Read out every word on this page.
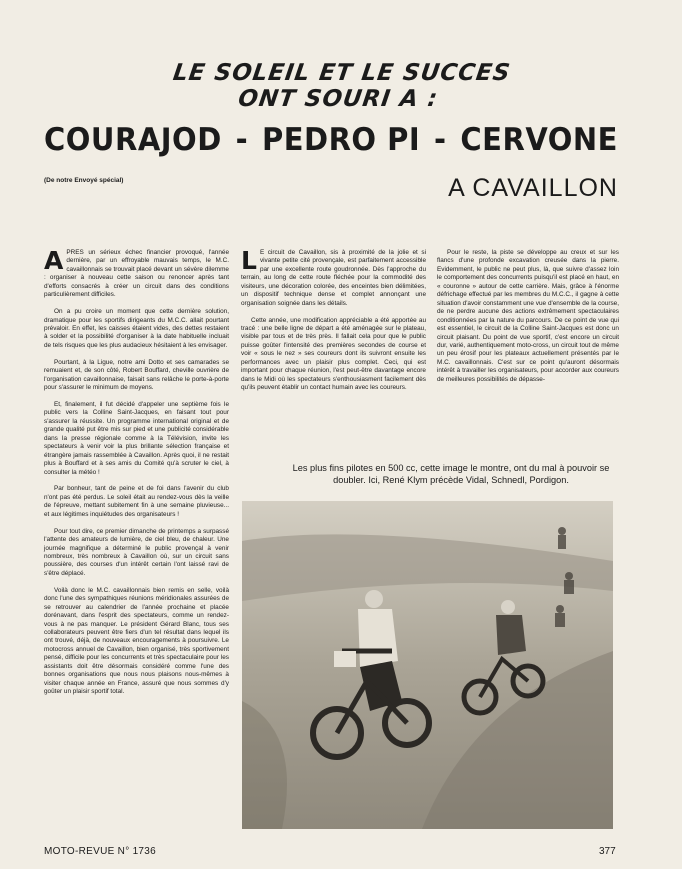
LE SOLEIL ET LE SUCCES
ONT SOURI A :
COURAJOD - PEDRO PI - CERVONE
(De notre Envoyé spécial)	A CAVAILLON

APRES un sérieux échec financier provoqué, l'année dernière, par un effroyable mauvais temps, le M.C. cavaillonnais se trouvait placé devant un sévère dilemme : organiser à nouveau cette saison ou renoncer après tant d'efforts consacrés à créer un circuit dans des conditions particulièrement difficiles.

On a pu croire un moment que cette dernière solution, dramatique pour les sportifs dirigeants du M.C.C. allait pourtant prévaloir. En effet, les caisses étaient vides, des dettes restaient à solder et la possibilité d'organiser à la date habituelle incluait de tels risques que les plus audacieux hésitaient à les envisager.

Pourtant, à la Ligue, notre ami Dotto et ses camarades se remuaient et, de son côté, Robert Bouffard, cheville ouvrière de l'organisation cavaillonnaise, faisait sans relâche le porte-à-porte pour s'assurer le minimum de moyens.

Et, finalement, il fut décidé d'appeler une septième fois le public vers la Colline Saint-Jacques, en faisant tout pour s'assurer la réussite. Un programme international original et de grande qualité put être mis sur pied et une publicité considérable dans la presse régionale comme à la Télévision, invite les spectateurs à venir voir la plus brillante sélection française et étrangère jamais rassemblée à Cavaillon. Après quoi, il ne restait plus à Bouffard et à ses amis du Comité qu'à scruter le ciel, à consulter la météo !

Par bonheur, tant de peine et de foi dans l'avenir du club n'ont pas été perdus. Le soleil était au rendez-vous dès la veille de l'épreuve, mettant subitement fin à une semaine pluvieuse... et aux légitimes inquiétudes des organisateurs !

Pour tout dire, ce premier dimanche de printemps a surpassé l'attente des amateurs de lumière, de ciel bleu, de chaleur. Une journée magnifique a déterminé le public provençal à venir nombreux, très nombreux à Cavaillon où, sur un circuit sans poussière, des courses d'un intérêt certain l'ont laissé ravi de s'être déplacé.

Voilà donc le M.C. cavaillonnais bien remis en selle, voilà donc l'une des sympathiques réunions méridionales assurées de se retrouver au calendrier de l'année prochaine et placée dorénavant, dans l'esprit des spectateurs, comme un rendez-vous à ne pas manquer. Le président Gérard Blanc, tous ses collaborateurs peuvent être fiers d'un tel résultat dans lequel ils ont trouvé, déjà, de nouveaux encouragements à poursuivre. Le motocross annuel de Cavaillon, bien organisé, très sportivement pensé, difficile pour les concurrents et très spectaculaire pour les assistants doit être désormais considéré comme l'une des bonnes organisations que nous nous plaisons nous-mêmes à visiter chaque année en France, assuré que nous sommes d'y goûter un plaisir sportif total.

L E circuit de Cavaillon, sis à proximité de la jolie et si vivante petite cité provençale, est parfaitement accessible par une excellente route goudronnée. Dès l'approche du terrain, au long de cette route fléchée pour la commodité des visiteurs, une décoration colorée, des enceintes bien délimitées, un dispositif technique dense et complet annonçant une organisation soignée dans les détails.

Cette année, une modification appréciable a été apportée au tracé : une belle ligne de départ a été aménagée sur le plateau, visible par tous et de très près. Il fallait cela pour que le public puisse goûter l'intensité des premières secondes de course et voir « sous le nez » ses coureurs dont ils suivront ensuite les performances avec un plaisir plus complet. Ceci, qui est important pour chaque réunion, l'est peut-être davantage encore dans le Midi où les spectateurs s'enthousiasment facilement dès qu'ils peuvent établir un contact humain avec les coureurs.

Pour le reste, la piste se développe au creux et sur les flancs d'une profonde excavation creusée dans la pierre. Evidemment, le public ne peut plus, là, que suivre d'assez loin le comportement des concurrents puisqu'il est placé en haut, en « couronne » autour de cette carrière. Mais, grâce à l'énorme défrichage effectué par les membres du M.C.C., il gagne à cette situation d'avoir constamment une vue d'ensemble de la course, de ne perdre aucune des actions extrêmement spectaculaires conditionnées par la nature du parcours. De ce point de vue qui est essentiel, le circuit de la Colline Saint-Jacques est donc un circuit plaisant. Du point de vue sportif, c'est encore un circuit dur, varié, authentiquement moto-cross, un circuit tout de même un peu érosif pour les plateaux actuellement présentés par le M.C. cavaillonnais. C'est sur ce point qu'auront désormais intérêt à travailler les organisateurs, pour accorder aux coureurs de meilleures possibilités de dépasse-

Les plus fins pilotes en 500 cc, cette image le montre, ont du mal à pouvoir se doubler. Ici, René Klym précède Vidal, Schnedl, Pordigon.
MOTO-REVUE N° 1736	377
